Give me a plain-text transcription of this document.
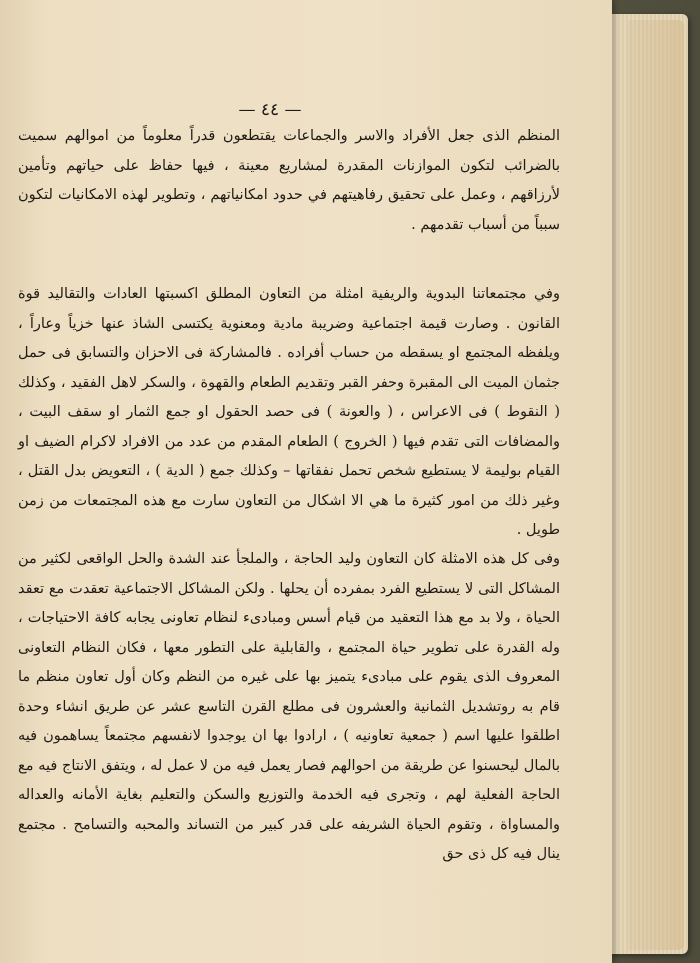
— ٤٤ —

المنظم الذى جعل الأفراد والاسر والجماعات يقتطعون قدراً معلوماً من اموالهم سميت بالضرائب لتكون الموازنات المقدرة لمشاريع معينة ، فيها حفاظ على حياتهم وتأمين لأرزاقهم ، وعمل على تحقيق رفاهيتهم في حدود امكانياتهم ، وتطوير لهذه الامكانيات لتكون سبباً من أسباب تقدمهم .

وفي مجتمعاتنا البدوية والريفية امثلة من التعاون المطلق اكسبتها العادات والتقاليد قوة القانون . وصارت قيمة اجتماعية وضريبة مادية ومعنوية يكتسى الشاذ عنها خزياً وعاراً ، ويلفظه المجتمع او يسقطه من حساب أفراده . فالمشاركة فى الاحزان والتسابق فى حمل جثمان الميت الى المقبرة وحفر القبر وتقديم الطعام والقهوة ، والسكر لاهل الفقيد ، وكذلك ( النقوط ) فى الاعراس ، ( والعونة ) فى حصد الحقول او جمع الثمار او سقف البيت ، والمضافات التى تقدم فيها ( الخروج ) الطعام المقدم من عدد من الافراد لاكرام الضيف او القيام بوليمة لا يستطيع شخص تحمل نفقاتها – وكذلك جمع ( الدية ) ، التعويض بدل القتل ، وغير ذلك من امور كثيرة ما هي الا اشكال من التعاون سارت مع هذه المجتمعات من زمن طويل .

وفى كل هذه الامثلة كان التعاون وليد الحاجة ، والملجأ عند الشدة والحل الواقعى لكثير من المشاكل التى لا يستطيع الفرد بمفرده أن يحلها . ولكن المشاكل الاجتماعية تعقدت مع تعقد الحياة ، ولا بد مع هذا التعقيد من قيام أسس ومبادىء لنظام تعاونى يجابه كافة الاحتياجات ، وله القدرة على تطوير حياة المجتمع ، والقابلية على التطور معها ، فكان النظام التعاونى المعروف الذى يقوم على مبادىء يتميز بها على غيره من النظم وكان أول تعاون منظم ما قام به روتشديل الثمانية والعشرون فى مطلع القرن التاسع عشر عن طريق انشاء وحدة اطلقوا عليها اسم ( جمعية تعاونيه ) ، ارادوا بها ان يوجدوا لانفسهم مجتمعاً يساهمون فيه بالمال ليحسنوا عن طريقة من احوالهم فصار يعمل فيه من لا عمل له ، ويتفق الانتاج فيه مع الحاجة الفعلية لهم ، وتجرى فيه الخدمة والتوزيع والسكن والتعليم بغاية الأمانه والعداله والمساواة ، وتقوم الحياة الشريفه على قدر كبير من التساند والمحبه والتسامح . مجتمع ينال فيه كل ذى حق
